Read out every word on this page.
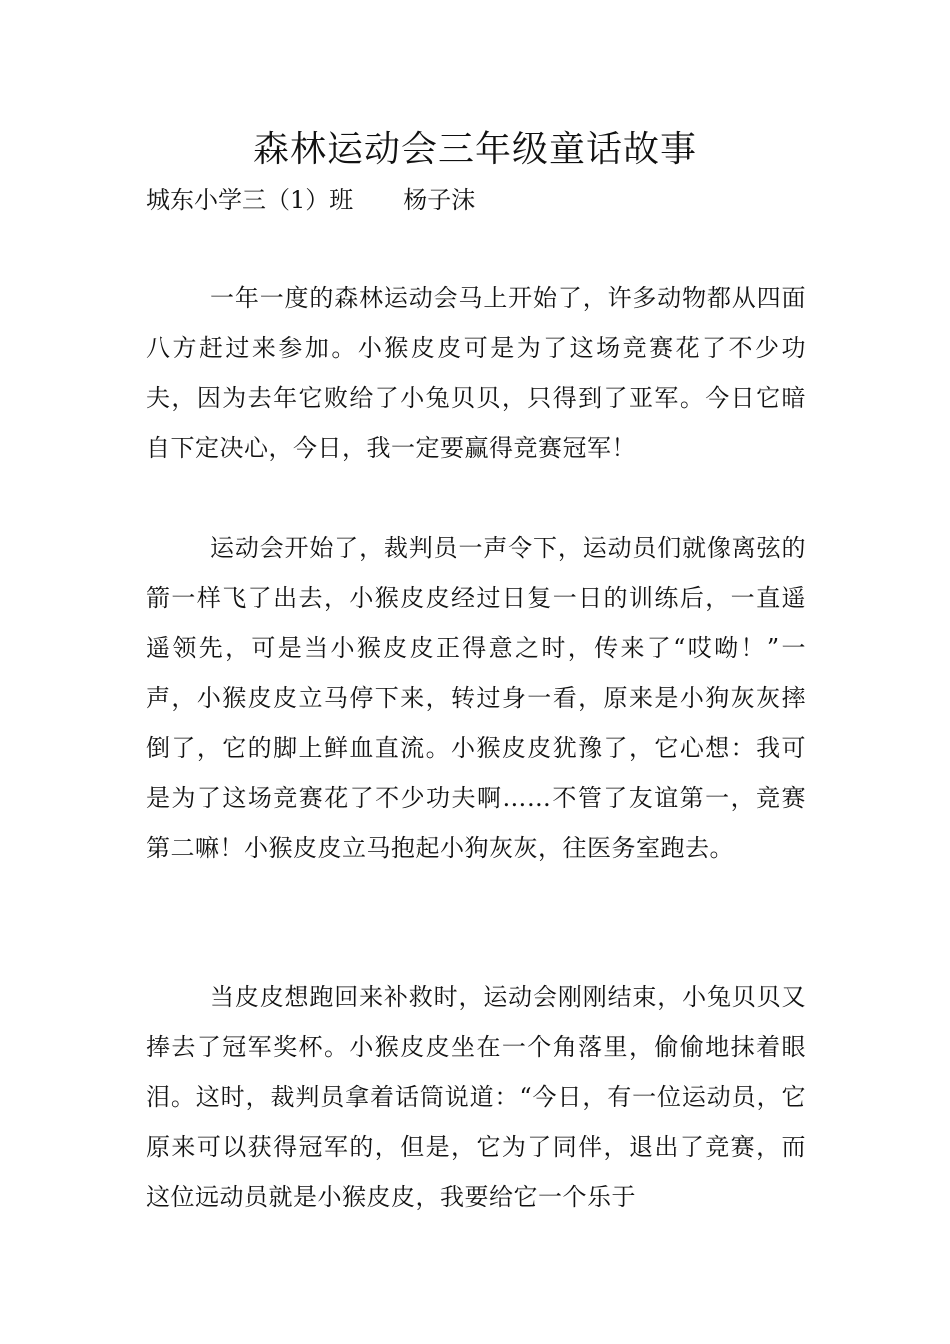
森林运动会三年级童话故事
城东小学三（1）班 杨子沫

一年一度的森林运动会马上开始了，许多动物都从四面八方赶过来参加。小猴皮皮可是为了这场竞赛花了不少功夫，因为去年它败给了小兔贝贝，只得到了亚军。今日它暗自下定决心，今日，我一定要赢得竞赛冠军！

运动会开始了，裁判员一声令下，运动员们就像离弦的箭一样飞了出去，小猴皮皮经过日复一日的训练后，一直遥遥领先，可是当小猴皮皮正得意之时，传来了“哎呦！”一声，小猴皮皮立马停下来，转过身一看，原来是小狗灰灰摔倒了，它的脚上鲜血直流。小猴皮皮犹豫了，它心想：我可是为了这场竞赛花了不少功夫啊……不管了友谊第一，竞赛第二嘛！小猴皮皮立马抱起小狗灰灰，往医务室跑去。

当皮皮想跑回来补救时，运动会刚刚结束，小兔贝贝又捧去了冠军奖杯。小猴皮皮坐在一个角落里，偷偷地抹着眼泪。这时，裁判员拿着话筒说道：“今日，有一位运动员，它原来可以获得冠军的，但是，它为了同伴，退出了竞赛，而这位远动员就是小猴皮皮，我要给它一个乐于
